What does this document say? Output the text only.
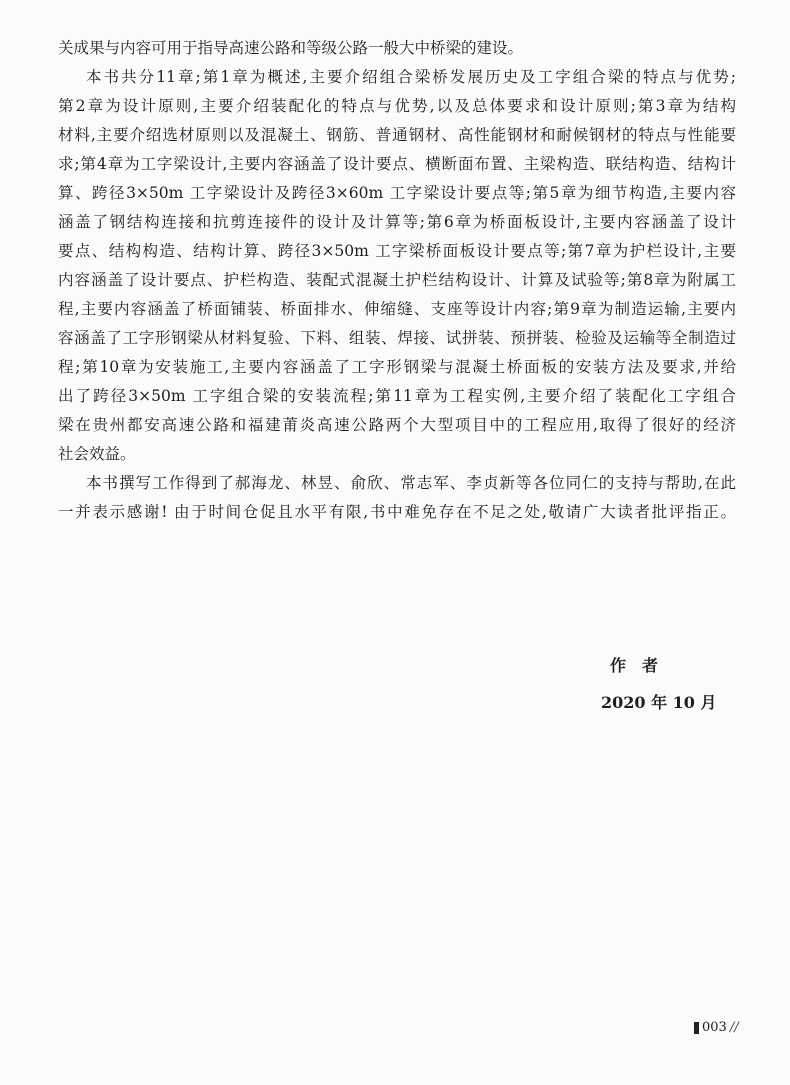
关成果与内容可用于指导高速公路和等级公路一般大中桥梁的建设。
本书共分11章;第1章为概述,主要介绍组合梁桥发展历史及工字组合梁的特点与优势;
第2章为设计原则,主要介绍装配化的特点与优势,以及总体要求和设计原则;第3章为结构
材料,主要介绍选材原则以及混凝土、钢筋、普通钢材、高性能钢材和耐候钢材的特点与性能要
求;第4章为工字梁设计,主要内容涵盖了设计要点、横断面布置、主梁构造、联结构造、结构计
算、跨径3×50m 工字梁设计及跨径3×60m 工字梁设计要点等;第5章为细节构造,主要内容
涵盖了钢结构连接和抗剪连接件的设计及计算等;第6章为桥面板设计,主要内容涵盖了设计
要点、结构构造、结构计算、跨径3×50m 工字梁桥面板设计要点等;第7章为护栏设计,主要
内容涵盖了设计要点、护栏构造、装配式混凝土护栏结构设计、计算及试验等;第8章为附属工
程,主要内容涵盖了桥面铺装、桥面排水、伸缩缝、支座等设计内容;第9章为制造运输,主要内
容涵盖了工字形钢梁从材料复验、下料、组装、焊接、试拼装、预拼装、检验及运输等全制造过
程;第10章为安装施工,主要内容涵盖了工字形钢梁与混凝土桥面板的安装方法及要求,并给
出了跨径3×50m 工字组合梁的安装流程;第11章为工程实例,主要介绍了装配化工字组合
梁在贵州都安高速公路和福建莆炎高速公路两个大型项目中的工程应用,取得了很好的经济
社会效益。
本书撰写工作得到了郝海龙、林昱、俞欣、常志军、李贞新等各位同仁的支持与帮助,在此
一并表示感谢! 由于时间仓促且水平有限,书中难免存在不足之处,敬请广大读者批评指正。
作　者
2020 年 10 月
003 //
